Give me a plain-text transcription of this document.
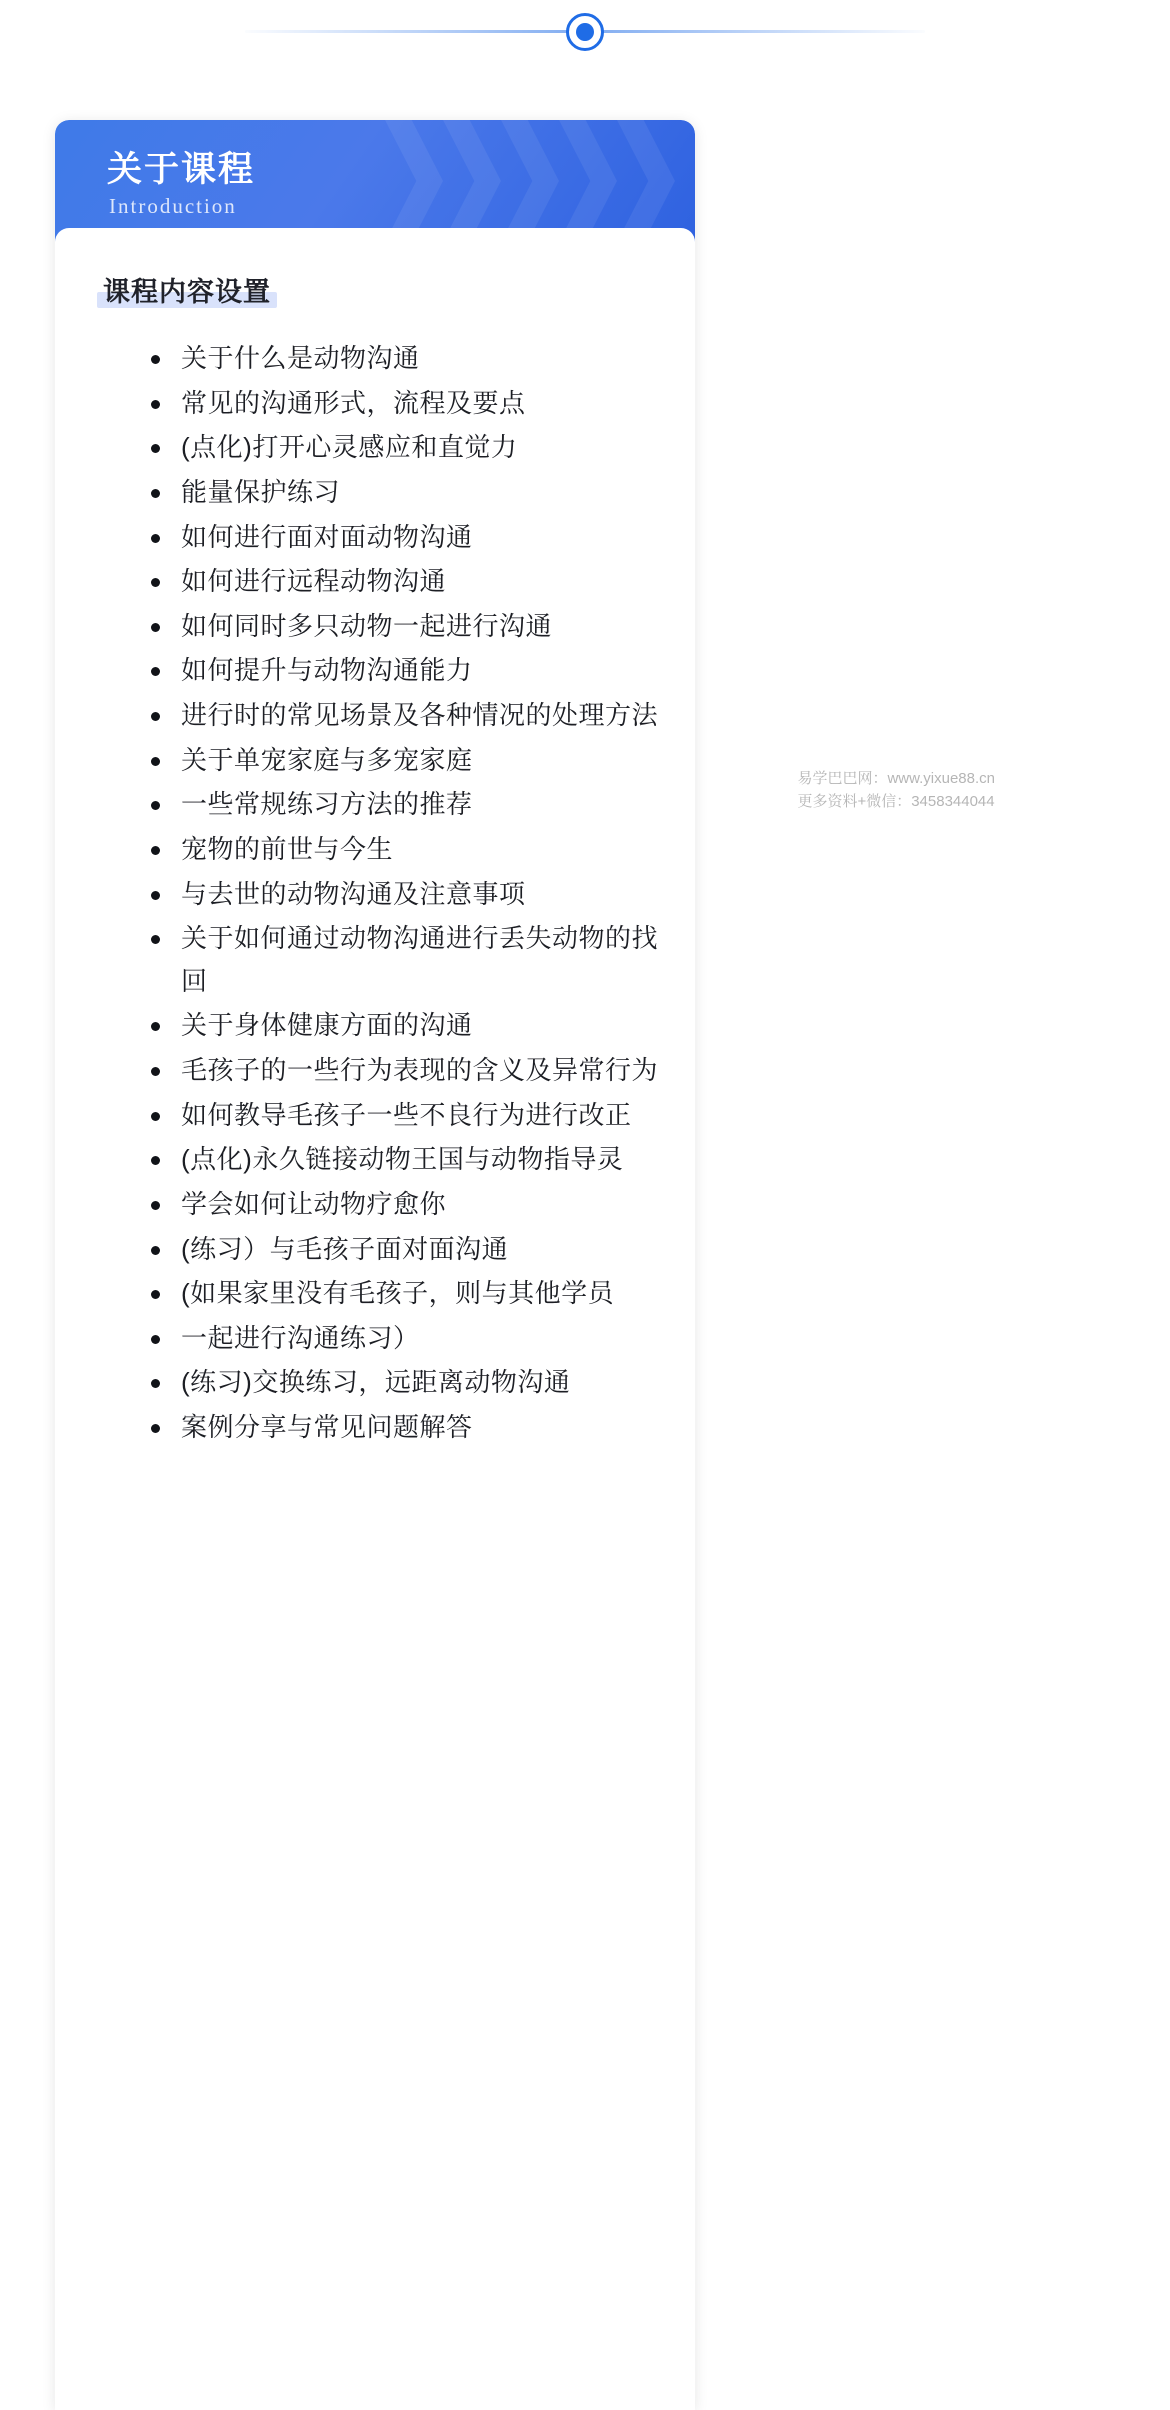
关于课程
Introduction
课程内容设置
关于什么是动物沟通
常见的沟通形式，流程及要点
(点化)打开心灵感应和直觉力
能量保护练习
如何进行面对面动物沟通
如何进行远程动物沟通
如何同时多只动物一起进行沟通
如何提升与动物沟通能力
进行时的常见场景及各种情况的处理方法
关于单宠家庭与多宠家庭
一些常规练习方法的推荐
宠物的前世与今生
与去世的动物沟通及注意事项
关于如何通过动物沟通进行丢失动物的找回
关于身体健康方面的沟通
毛孩子的一些行为表现的含义及异常行为
如何教导毛孩子一些不良行为进行改正
(点化)永久链接动物王国与动物指导灵
学会如何让动物疗愈你
(练习）与毛孩子面对面沟通
(如果家里没有毛孩子，则与其他学员
一起进行沟通练习）
(练习)交换练习，远距离动物沟通
案例分享与常见问题解答
易学巴巴网：www.yixue88.cn
更多资料+微信：3458344044
